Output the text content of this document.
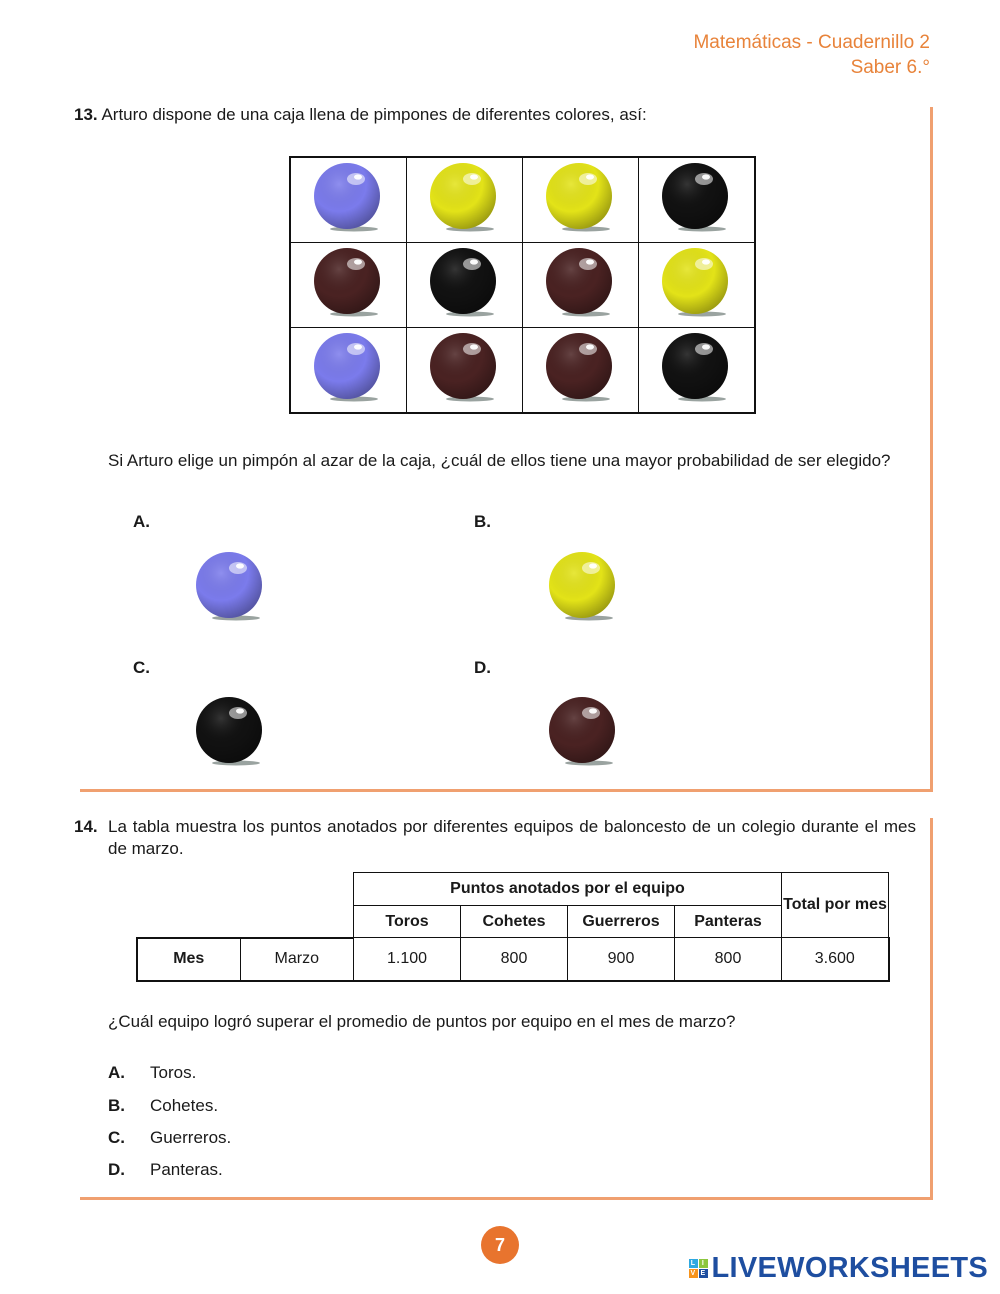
Matemáticas - Cuadernillo 2
Saber 6.°
13. Arturo dispone de una caja llena de pimpones de diferentes colores, así:

Si Arturo elige un pimpón al azar de la caja, ¿cuál de ellos tiene una mayor probabilidad de ser elegido?
A.	B.
C.	D.
14. La tabla muestra los puntos anotados por diferentes equipos de baloncesto de un colegio durante el mes de marzo.
		Puntos anotados por el equipo				Total por mes
		Toros	Cohetes	Guerreros	Panteras	
Mes	Marzo	1.100	800	900	800	3.600
¿Cuál equipo logró superar el promedio de puntos por equipo en el mes de marzo?
A. Toros.
B. Cohetes.
C. Guerreros.
D. Panteras.
7
L I
V E LIVEWORKSHEETS
